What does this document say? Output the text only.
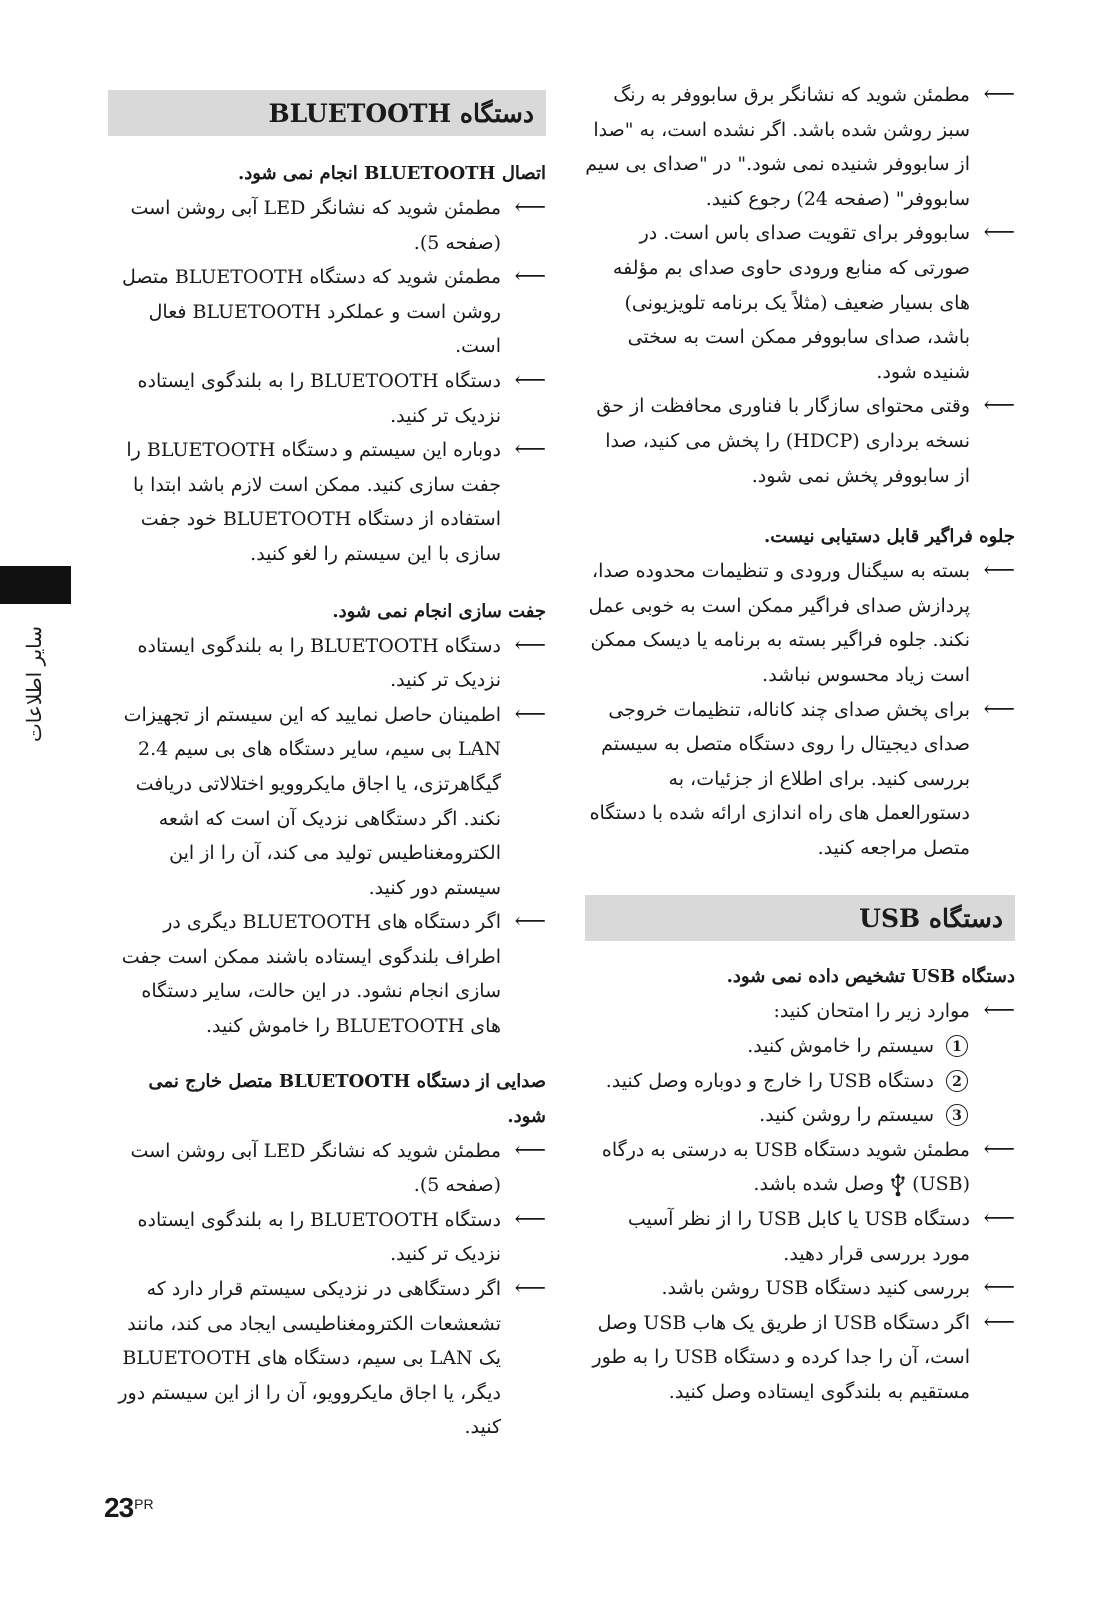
سایر اطلاعات
⟵
مطمئن شوید که نشانگر برق سابووفر به رنگ سبز روشن شده باشد. اگر نشده است، به "صدا از سابووفر شنیده نمی شود." در "صدای بی سیم سابووفر" (صفحه 24) رجوع کنید.
⟵
سابووفر برای تقویت صدای باس است. در صورتی که منابع ورودی حاوی صدای بم مؤلفه های بسیار ضعیف (مثلاً یک برنامه تلویزیونی) باشد، صدای سابووفر ممکن است به سختی شنیده شود.
⟵
وقتی محتوای سازگار با فناوری محافظت از حق نسخه برداری (HDCP) را پخش می کنید، صدا از سابووفر پخش نمی شود.

جلوه فراگیر قابل دستیابی نیست.

⟵
بسته به سیگنال ورودی و تنظیمات محدوده صدا، پردازش صدای فراگیر ممکن است به خوبی عمل نکند. جلوه فراگیر بسته به برنامه یا دیسک ممکن است زیاد محسوس نباشد.
⟵
برای پخش صدای چند کاناله، تنظیمات خروجی صدای دیجیتال را روی دستگاه متصل به سیستم بررسی کنید. برای اطلاع از جزئیات، به دستورالعمل های راه اندازی ارائه شده با دستگاه متصل مراجعه کنید.
دستگاه USB

دستگاه USB تشخیص داده نمی شود.

⟵
موارد زیر را امتحان کنید:
1
سیستم را خاموش کنید.
2
دستگاه USB را خارج و دوباره وصل کنید.
3
سیستم را روشن کنید.
⟵
مطمئن شوید دستگاه USB به درستی به درگاه
(USB)  وصل شده باشد.
⟵
دستگاه USB یا کابل USB را از نظر آسیب مورد بررسی قرار دهید.
⟵
بررسی کنید دستگاه USB روشن باشد.
⟵
اگر دستگاه USB از طریق یک هاب USB وصل است، آن را جدا کرده و دستگاه USB را به طور مستقیم به بلندگوی ایستاده وصل کنید.
دستگاه BLUETOOTH

اتصال BLUETOOTH انجام نمی شود.

⟵
مطمئن شوید که نشانگر LED آبی روشن است (صفحه 5).
⟵
مطمئن شوید که دستگاه BLUETOOTH متصل روشن است و عملکرد BLUETOOTH فعال است.
⟵
دستگاه BLUETOOTH را به بلندگوی ایستاده نزدیک تر کنید.
⟵
دوباره این سیستم و دستگاه BLUETOOTH را جفت سازی کنید. ممکن است لازم باشد ابتدا با استفاده از دستگاه BLUETOOTH خود جفت سازی با این سیستم را لغو کنید.

جفت سازی انجام نمی شود.

⟵
دستگاه BLUETOOTH را به بلندگوی ایستاده نزدیک تر کنید.
⟵
اطمینان حاصل نمایید که این سیستم از تجهیزات LAN بی سیم، سایر دستگاه های بی سیم 2.4 گیگاهرتزی، یا اجاق مایکروویو اختلالاتی دریافت نکند. اگر دستگاهی نزدیک آن است که اشعه الکترومغناطیس تولید می کند، آن را از این سیستم دور کنید.
⟵
اگر دستگاه های BLUETOOTH دیگری در اطراف بلندگوی ایستاده باشند ممکن است جفت سازی انجام نشود. در این حالت، سایر دستگاه های BLUETOOTH را خاموش کنید.

صدایی از دستگاه BLUETOOTH متصل خارج نمی شود.

⟵
مطمئن شوید که نشانگر LED آبی روشن است (صفحه 5).
⟵
دستگاه BLUETOOTH را به بلندگوی ایستاده نزدیک تر کنید.
⟵
اگر دستگاهی در نزدیکی سیستم قرار دارد که تشعشعات الکترومغناطیسی ایجاد می کند، مانند یک LAN بی سیم، دستگاه های BLUETOOTH دیگر، یا اجاق مایکروویو، آن را از این سیستم دور کنید.
$23^{PR}$
